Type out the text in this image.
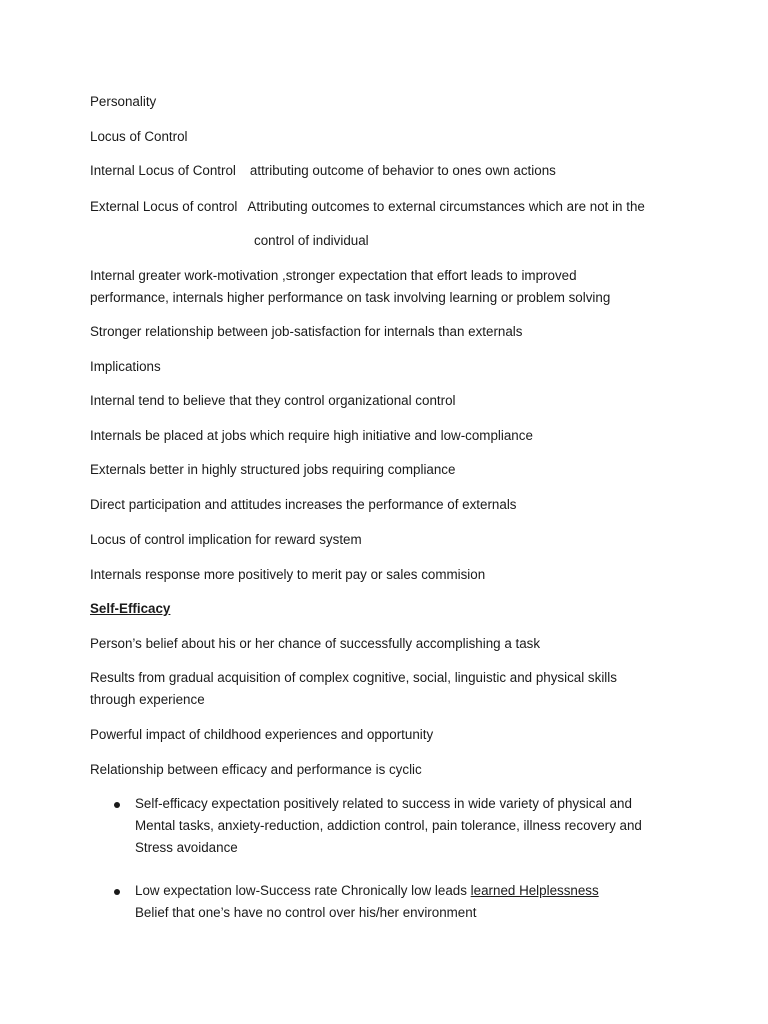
Personality

Locus of Control

Internal Locus of Control attributing outcome of behavior to ones own actions

External Locus of control Attributing outcomes to external circumstances which are not in the

control of individual

Internal greater work-motivation ,stronger expectation that effort leads to improved

performance, internals higher performance on task involving learning or problem solving

Stronger relationship between job-satisfaction for internals than externals

Implications

Internal tend to believe that they control organizational control

Internals be placed at jobs which require high initiative and low-compliance

Externals better in highly structured jobs requiring compliance

Direct participation and attitudes increases the performance of externals

Locus of control implication for reward system

Internals response more positively to merit pay or sales commision

Self-Efficacy

Person’s belief about his or her chance of successfully accomplishing a task

Results from gradual acquisition of complex cognitive, social, linguistic and physical skills

through experience

Powerful impact of childhood experiences and opportunity

Relationship between efficacy and performance is cyclic

Self-efficacy expectation positively related to success in wide variety of physical and
Mental tasks, anxiety-reduction, addiction control, pain tolerance, illness recovery and
Stress avoidance
Low expectation low-Success rate Chronically low leads learned Helplessness
Belief that one’s have no control over his/her environment
